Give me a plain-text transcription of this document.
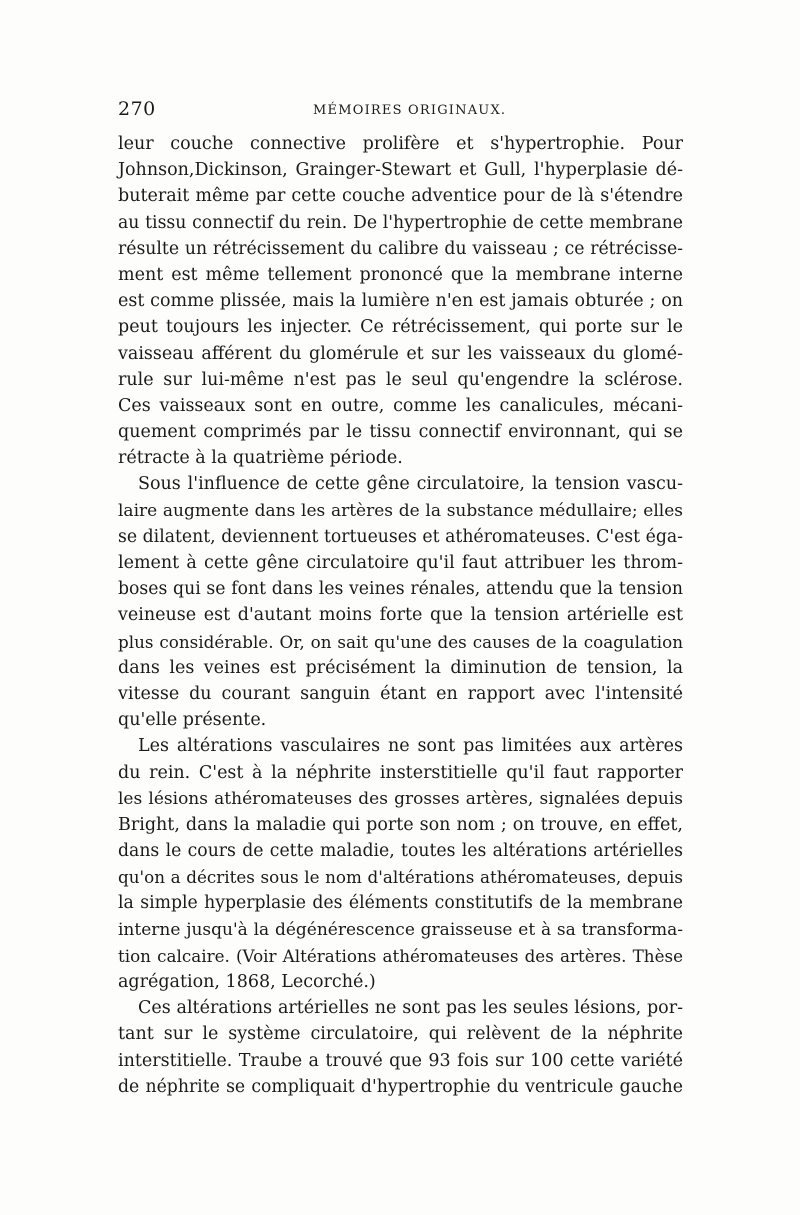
270	MÉMOIRES ORIGINAUX.
leur couche connective prolifère et s'hypertrophie. Pour
Johnson,Dickinson, Grainger-Stewart et Gull, l'hyperplasie dé-
buterait même par cette couche adventice pour de là s'étendre
au tissu connectif du rein. De l'hypertrophie de cette membrane
résulte un rétrécissement du calibre du vaisseau ; ce rétrécisse-
ment est même tellement prononcé que la membrane interne
est comme plissée, mais la lumière n'en est jamais obturée ; on
peut toujours les injecter. Ce rétrécissement, qui porte sur le
vaisseau afférent du glomérule et sur les vaisseaux du glomé-
rule sur lui-même n'est pas le seul qu'engendre la sclérose.
Ces vaisseaux sont en outre, comme les canalicules, mécani-
quement comprimés par le tissu connectif environnant, qui se
rétracte à la quatrième période.
Sous l'influence de cette gêne circulatoire, la tension vascu-
laire augmente dans les artères de la substance médullaire; elles
se dilatent, deviennent tortueuses et athéromateuses. C'est éga-
lement à cette gêne circulatoire qu'il faut attribuer les throm-
boses qui se font dans les veines rénales, attendu que la tension
veineuse est d'autant moins forte que la tension artérielle est
plus considérable. Or, on sait qu'une des causes de la coagulation
dans les veines est précisément la diminution de tension, la
vitesse du courant sanguin étant en rapport avec l'intensité
qu'elle présente.
Les altérations vasculaires ne sont pas limitées aux artères
du rein. C'est à la néphrite insterstitielle qu'il faut rapporter
les lésions athéromateuses des grosses artères, signalées depuis
Bright, dans la maladie qui porte son nom ; on trouve, en effet,
dans le cours de cette maladie, toutes les altérations artérielles
qu'on a décrites sous le nom d'altérations athéromateuses, depuis
la simple hyperplasie des éléments constitutifs de la membrane
interne jusqu'à la dégénérescence graisseuse et à sa transforma-
tion calcaire. (Voir Altérations athéromateuses des artères. Thèse
agrégation, 1868, Lecorché.)
Ces altérations artérielles ne sont pas les seules lésions, por-
tant sur le système circulatoire, qui relèvent de la néphrite
interstitielle. Traube a trouvé que 93 fois sur 100 cette variété
de néphrite se compliquait d'hypertrophie du ventricule gauche
